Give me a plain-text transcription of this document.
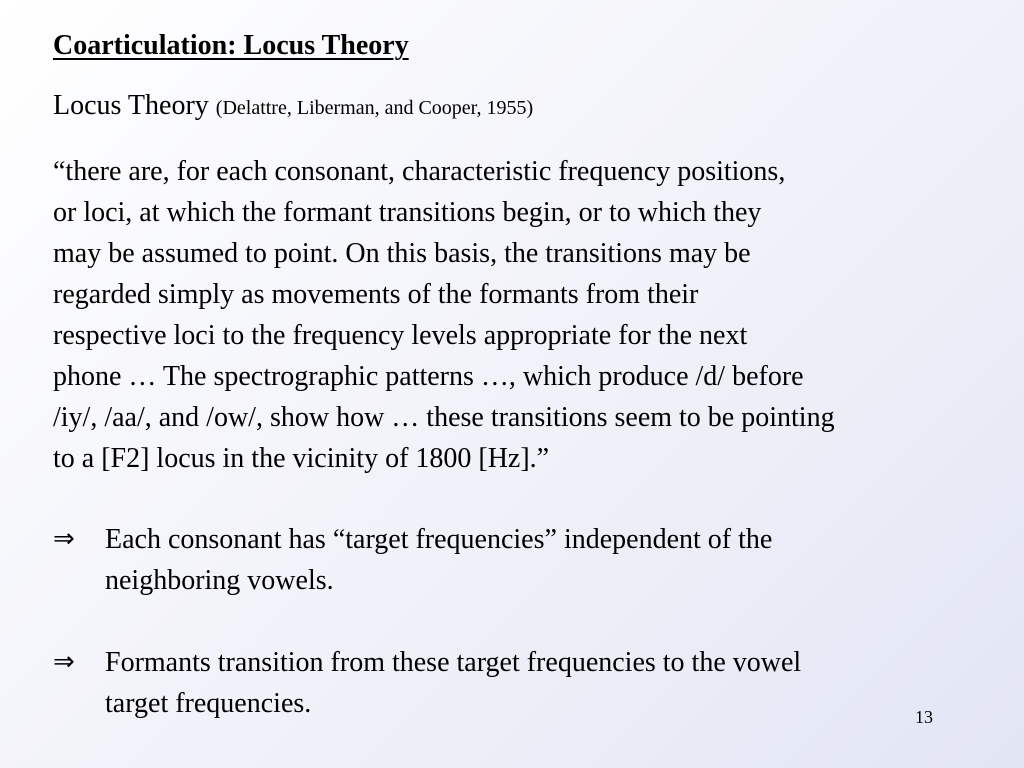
Coarticulation: Locus Theory
Locus Theory (Delattre, Liberman, and Cooper, 1955)
“there are, for each consonant, characteristic frequency positions,
or loci, at which the formant transitions begin, or to which they
may be assumed to point. On this basis, the transitions may be
regarded simply as movements of the formants from their
respective loci to the frequency levels appropriate for the next
phone … The spectrographic patterns …, which produce /d/ before
/iy/, /aa/, and /ow/, show how … these transitions seem to be pointing
to a [F2] locus in the vicinity of 1800 [Hz].”
⇒ Each consonant has “target frequencies” independent of the
neighboring vowels.
⇒ Formants transition from these target frequencies to the vowel
target frequencies.	13
